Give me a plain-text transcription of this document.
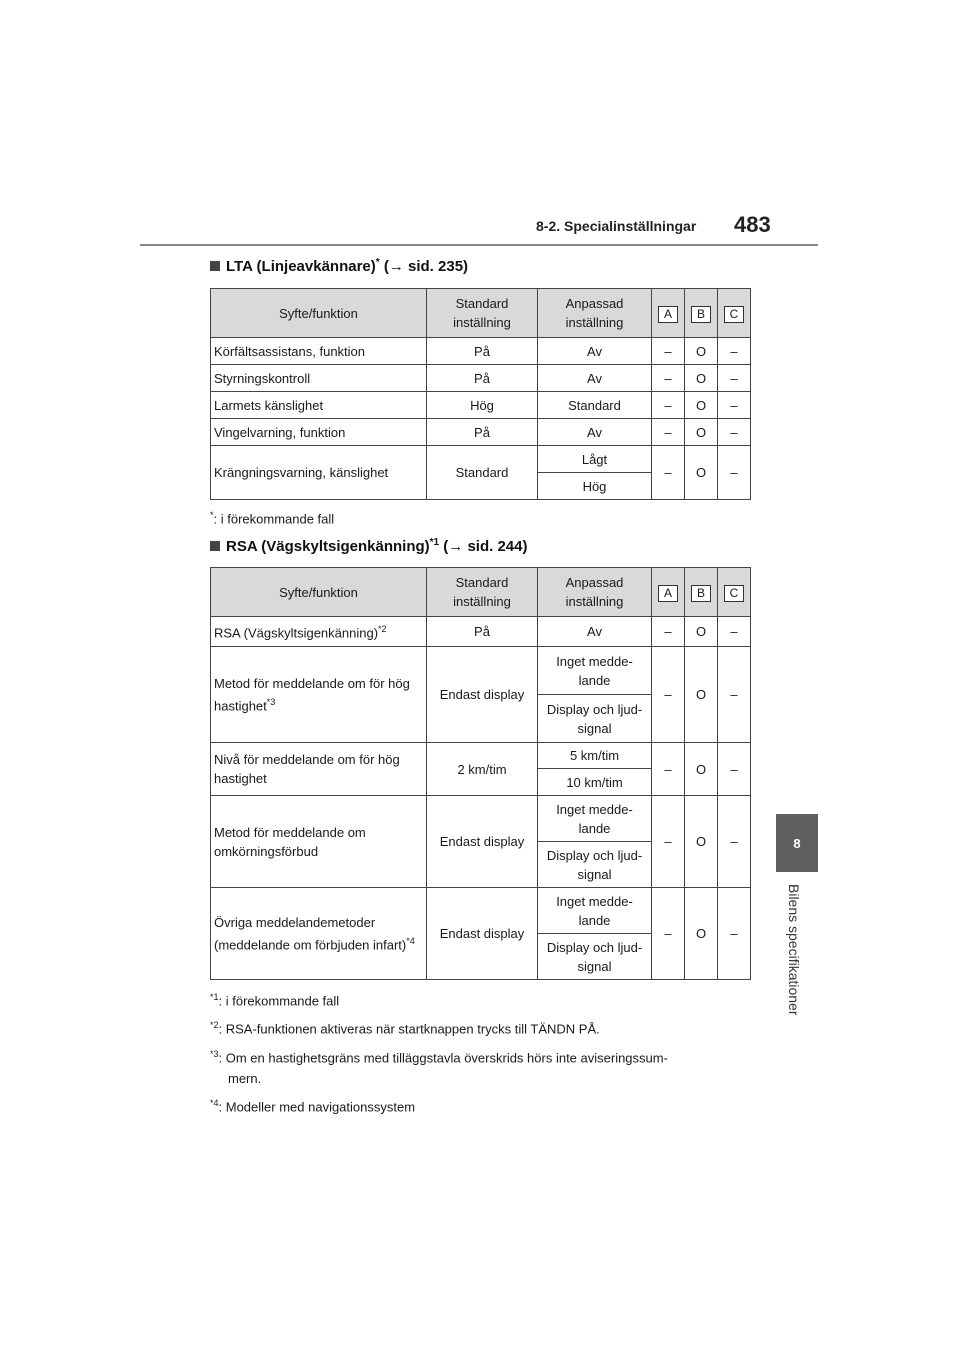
8-2. Specialinställningar 483
8
Bilens specifikationer
LTA (Linjeavkännare)* (→ sid. 235)
Syfte/funktion	Standard inställning	Anpassad inställning	A	B	C
Körfältsassistans, funktion	På	Av	–	O	–
Styrningskontroll	På	Av	–	O	–
Larmets känslighet	Hög	Standard	–	O	–
Vingelvarning, funktion	På	Av	–	O	–
Krängningsvarning, känslighet	Standard	Lågt	–	O	–
		Hög			
*: i förekommande fall
RSA (Vägskyltsigenkänning)$^{*1}$ (→ sid. 244)
Syfte/funktion	Standard inställning	Anpassad inställning	A	B	C
RSA (Vägskyltsigenkänning)$^{*2}$	På	Av	–	O	–
Metod för meddelande om för hög hastighet$^{*3}$	Endast display	Inget medde-lande	–	O	–
		Display och ljud-signal			
Nivå för meddelande om för hög hastighet	2 km/tim	5 km/tim	–	O	–
		10 km/tim			
Metod för meddelande om omkörningsförbud	Endast display	Inget medde-lande	–	O	–
		Display och ljud-signal			
Övriga meddelandemetoder (meddelande om förbjuden infart)$^{*4}$	Endast display	Inget medde-lande	–	O	–
		Display och ljud-signal			
$^{*1}$: i förekommande fall
$^{*2}$: RSA-funktionen aktiveras när startknappen trycks till TÄNDN PÅ.
$^{*3}$: Om en hastighetsgräns med tilläggstavla överskrids hörs inte aviseringssum-
mern.
$^{*4}$: Modeller med navigationssystem
